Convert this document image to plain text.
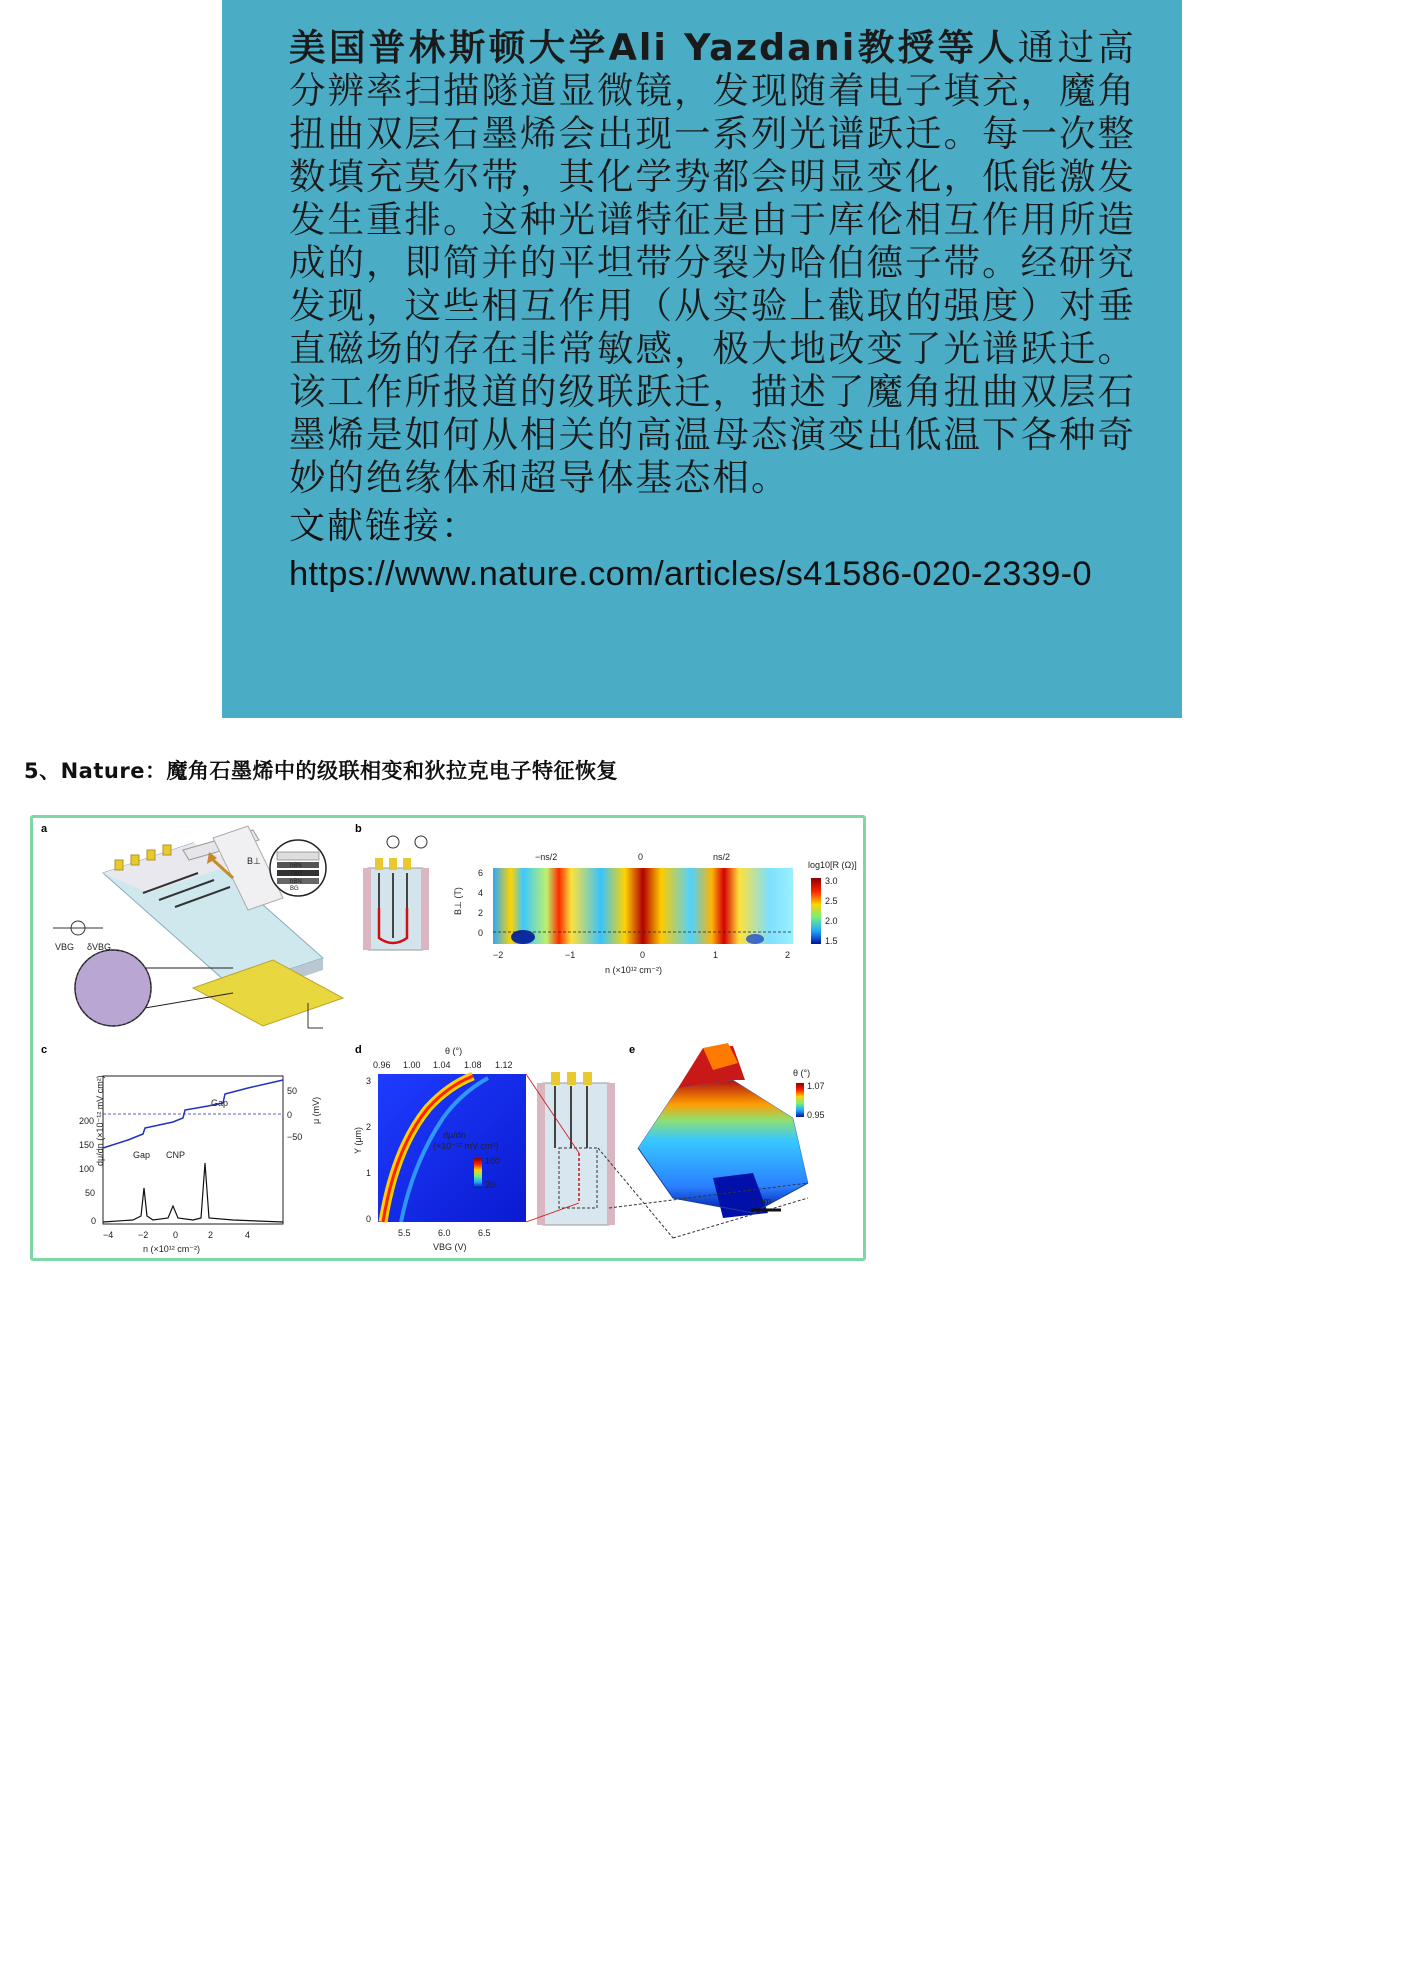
美国普林斯顿大学Ali Yazdani教授等人通过高分辨率扫描隧道显微镜，发现随着电子填充，魔角扭曲双层石墨烯会出现一系列光谱跃迁。每一次整数填充莫尔带，其化学势都会明显变化，低能激发发生重排。这种光谱特征是由于库伦相互作用所造成的，即简并的平坦带分裂为哈伯德子带。经研究发现，这些相互作用（从实验上截取的强度）对垂直磁场的存在非常敏感，极大地改变了光谱跃迁。该工作所报道的级联跃迁，描述了魔角扭曲双层石墨烯是如何从相关的高温母态演变出低温下各种奇妙的绝缘体和超导体基态相。
文献链接：
https://www.nature.com/articles/s41586-020-2339-0
5、Nature：魔角石墨烯中的级联相变和狄拉克电子特征恢复
a	b
c	d	e
B⊥	hBN
TBG
hBN
BG
VBG δVBG
−ns/2	0	ns/2
6
4
2
0
B⊥ (T)
−2	−1	0	1	2
n (×10¹² cm⁻²)
log10[R (Ω)]
3.0
2.5
2.0
1.5
Gap CNP
Gap
200
150
100
50
0
dμ/dn (×10⁻¹² mV cm²)	50
0
−50
μ (mV)
−4	−2	0	2	4
n (×10¹² cm⁻²)
θ (°)
0.96 1.00 1.04 1.08 1.12
dμ/dn
(×10⁻¹² mV cm²)
100
20
3
2
1
0
Y (μm)
5.5	6.0	6.5
VBG (V)
1 μm
θ (°)
1.07
0.95
